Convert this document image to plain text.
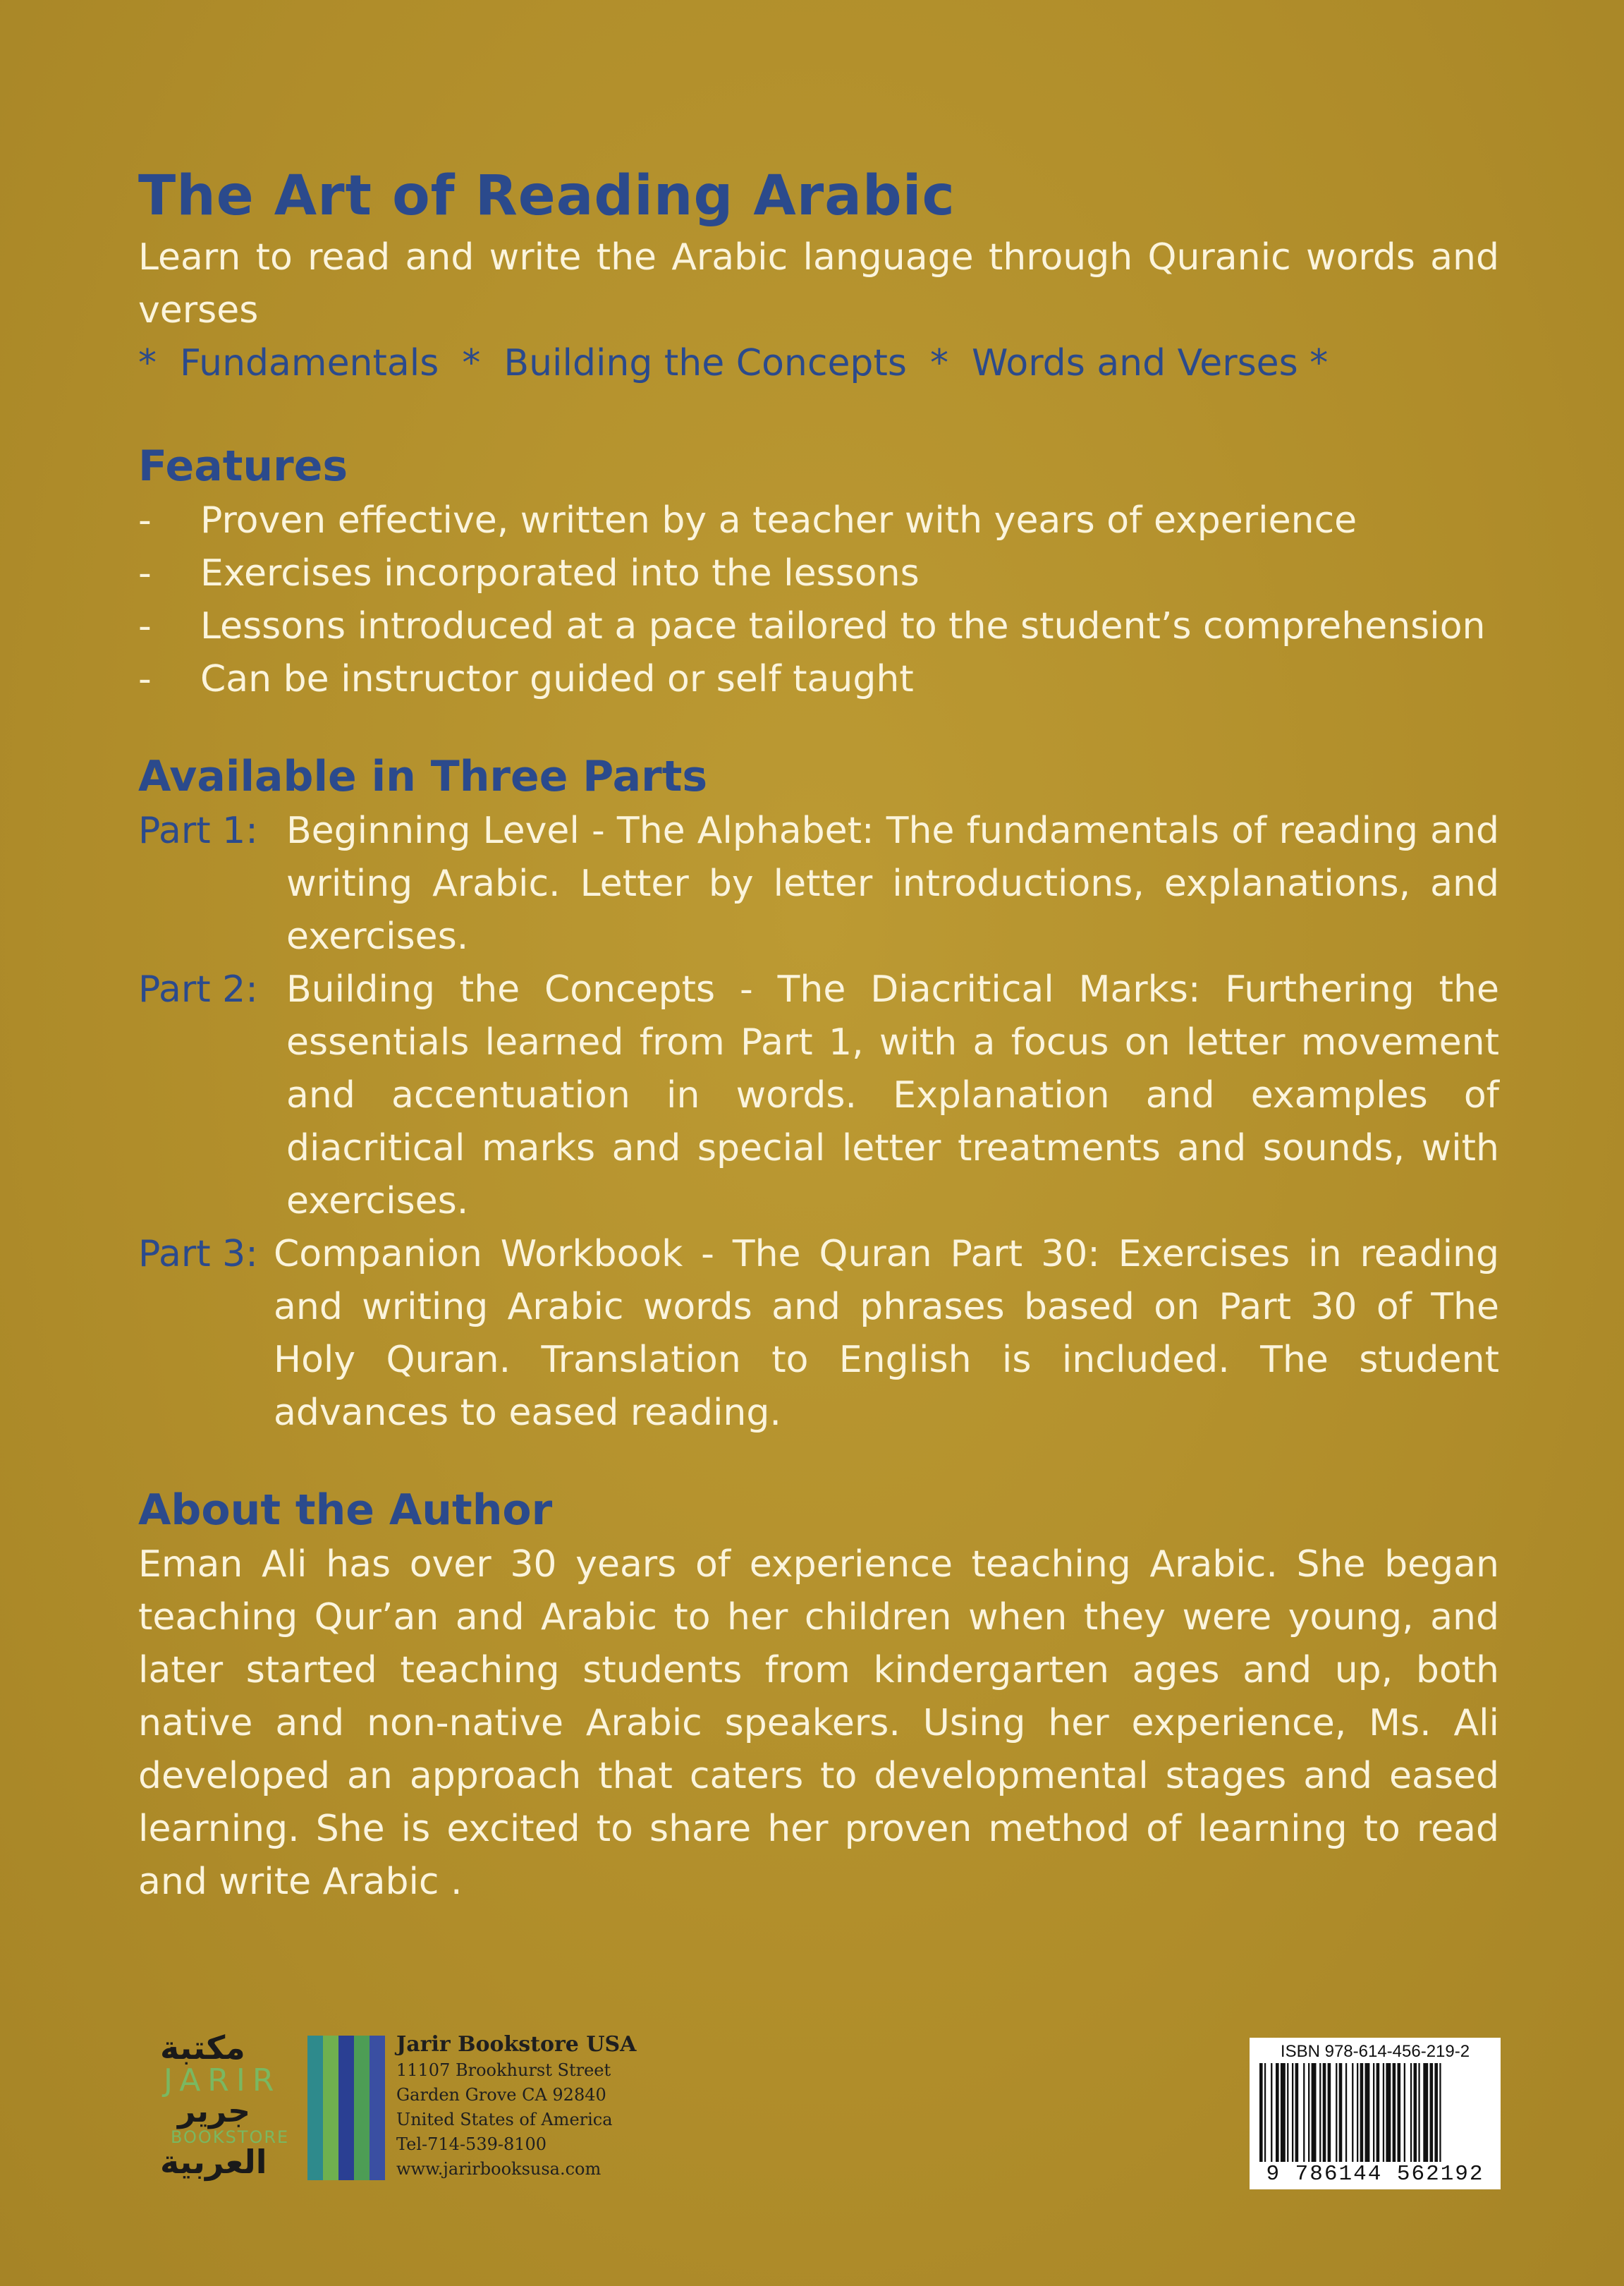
The Art of Reading Arabic

Learn to read and write the Arabic language through Quranic words and verses

*  Fundamentals  *  Building the Concepts  *  Words and Verses *

Features
- Proven effective, written by a teacher with years of experience
- Exercises incorporated into the lessons
- Lessons introduced at a pace tailored to the student’s comprehension
- Can be instructor guided or self taught
Available in Three Parts
Part 1: Beginning Level - The Alphabet: The fundamentals of reading and writing Arabic. Letter by letter introductions, explanations, and exercises.
Part 2: Building the Concepts - The Diacritical Marks: Furthering the essentials learned from Part 1, with a focus on letter movement and accentuation in words. Explanation and examples of diacritical marks and special letter treatments and sounds, with exercises.
Part 3: Companion Workbook - The Quran Part 30: Exercises in reading and writing Arabic words and phrases based on Part 30 of The Holy Quran. Translation to English is included. The student advances to eased reading.
About the Author

Eman Ali has over 30 years of experience teaching Arabic. She began teaching Qur’an and Arabic to her children when they were young, and later started teaching students from kindergarten ages and up, both native and non-native Arabic speakers. Using her experience, Ms. Ali developed an approach that caters to developmental stages and eased learning. She is excited to share her proven method of learning to read and write Arabic .

مكتبة
JARIR
جرير
BOOKSTORE
العربية
Jarir Bookstore USA
11107 Brookhurst Street
Garden Grove CA 92840
United States of America
Tel-714-539-8100
www.jarirbooksusa.com
ISBN 978-614-456-219-2
9 786144 562192
